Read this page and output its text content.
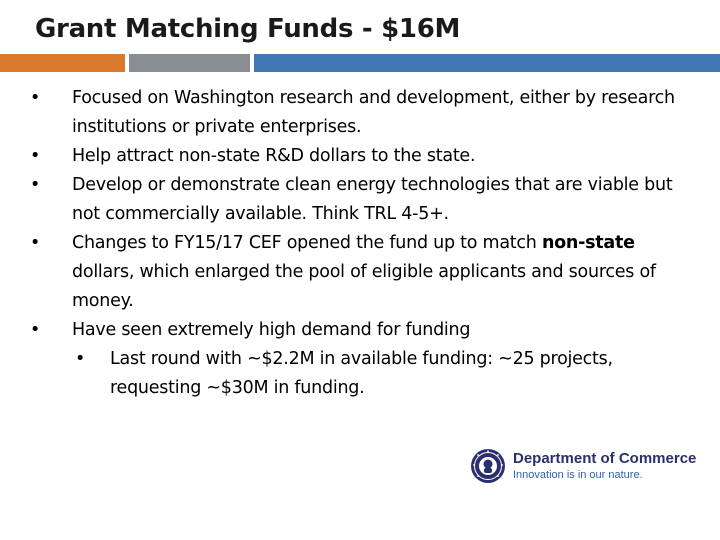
Grant Matching Funds - $16M
• Focused on Washington research and development, either by research institutions or private enterprises.
• Help attract non-state R&D dollars to the state.
• Develop or demonstrate clean energy technologies that are viable but not commercially available. Think TRL 4-5+.
• Changes to FY15/17 CEF opened the fund up to match non-state dollars, which enlarged the pool of eligible applicants and sources of money.
• Have seen extremely high demand for funding
• Last round with ~$2.2M in available funding: ~25 projects, requesting ~$30M in funding.
Department of Commerce
Innovation is in our nature.
